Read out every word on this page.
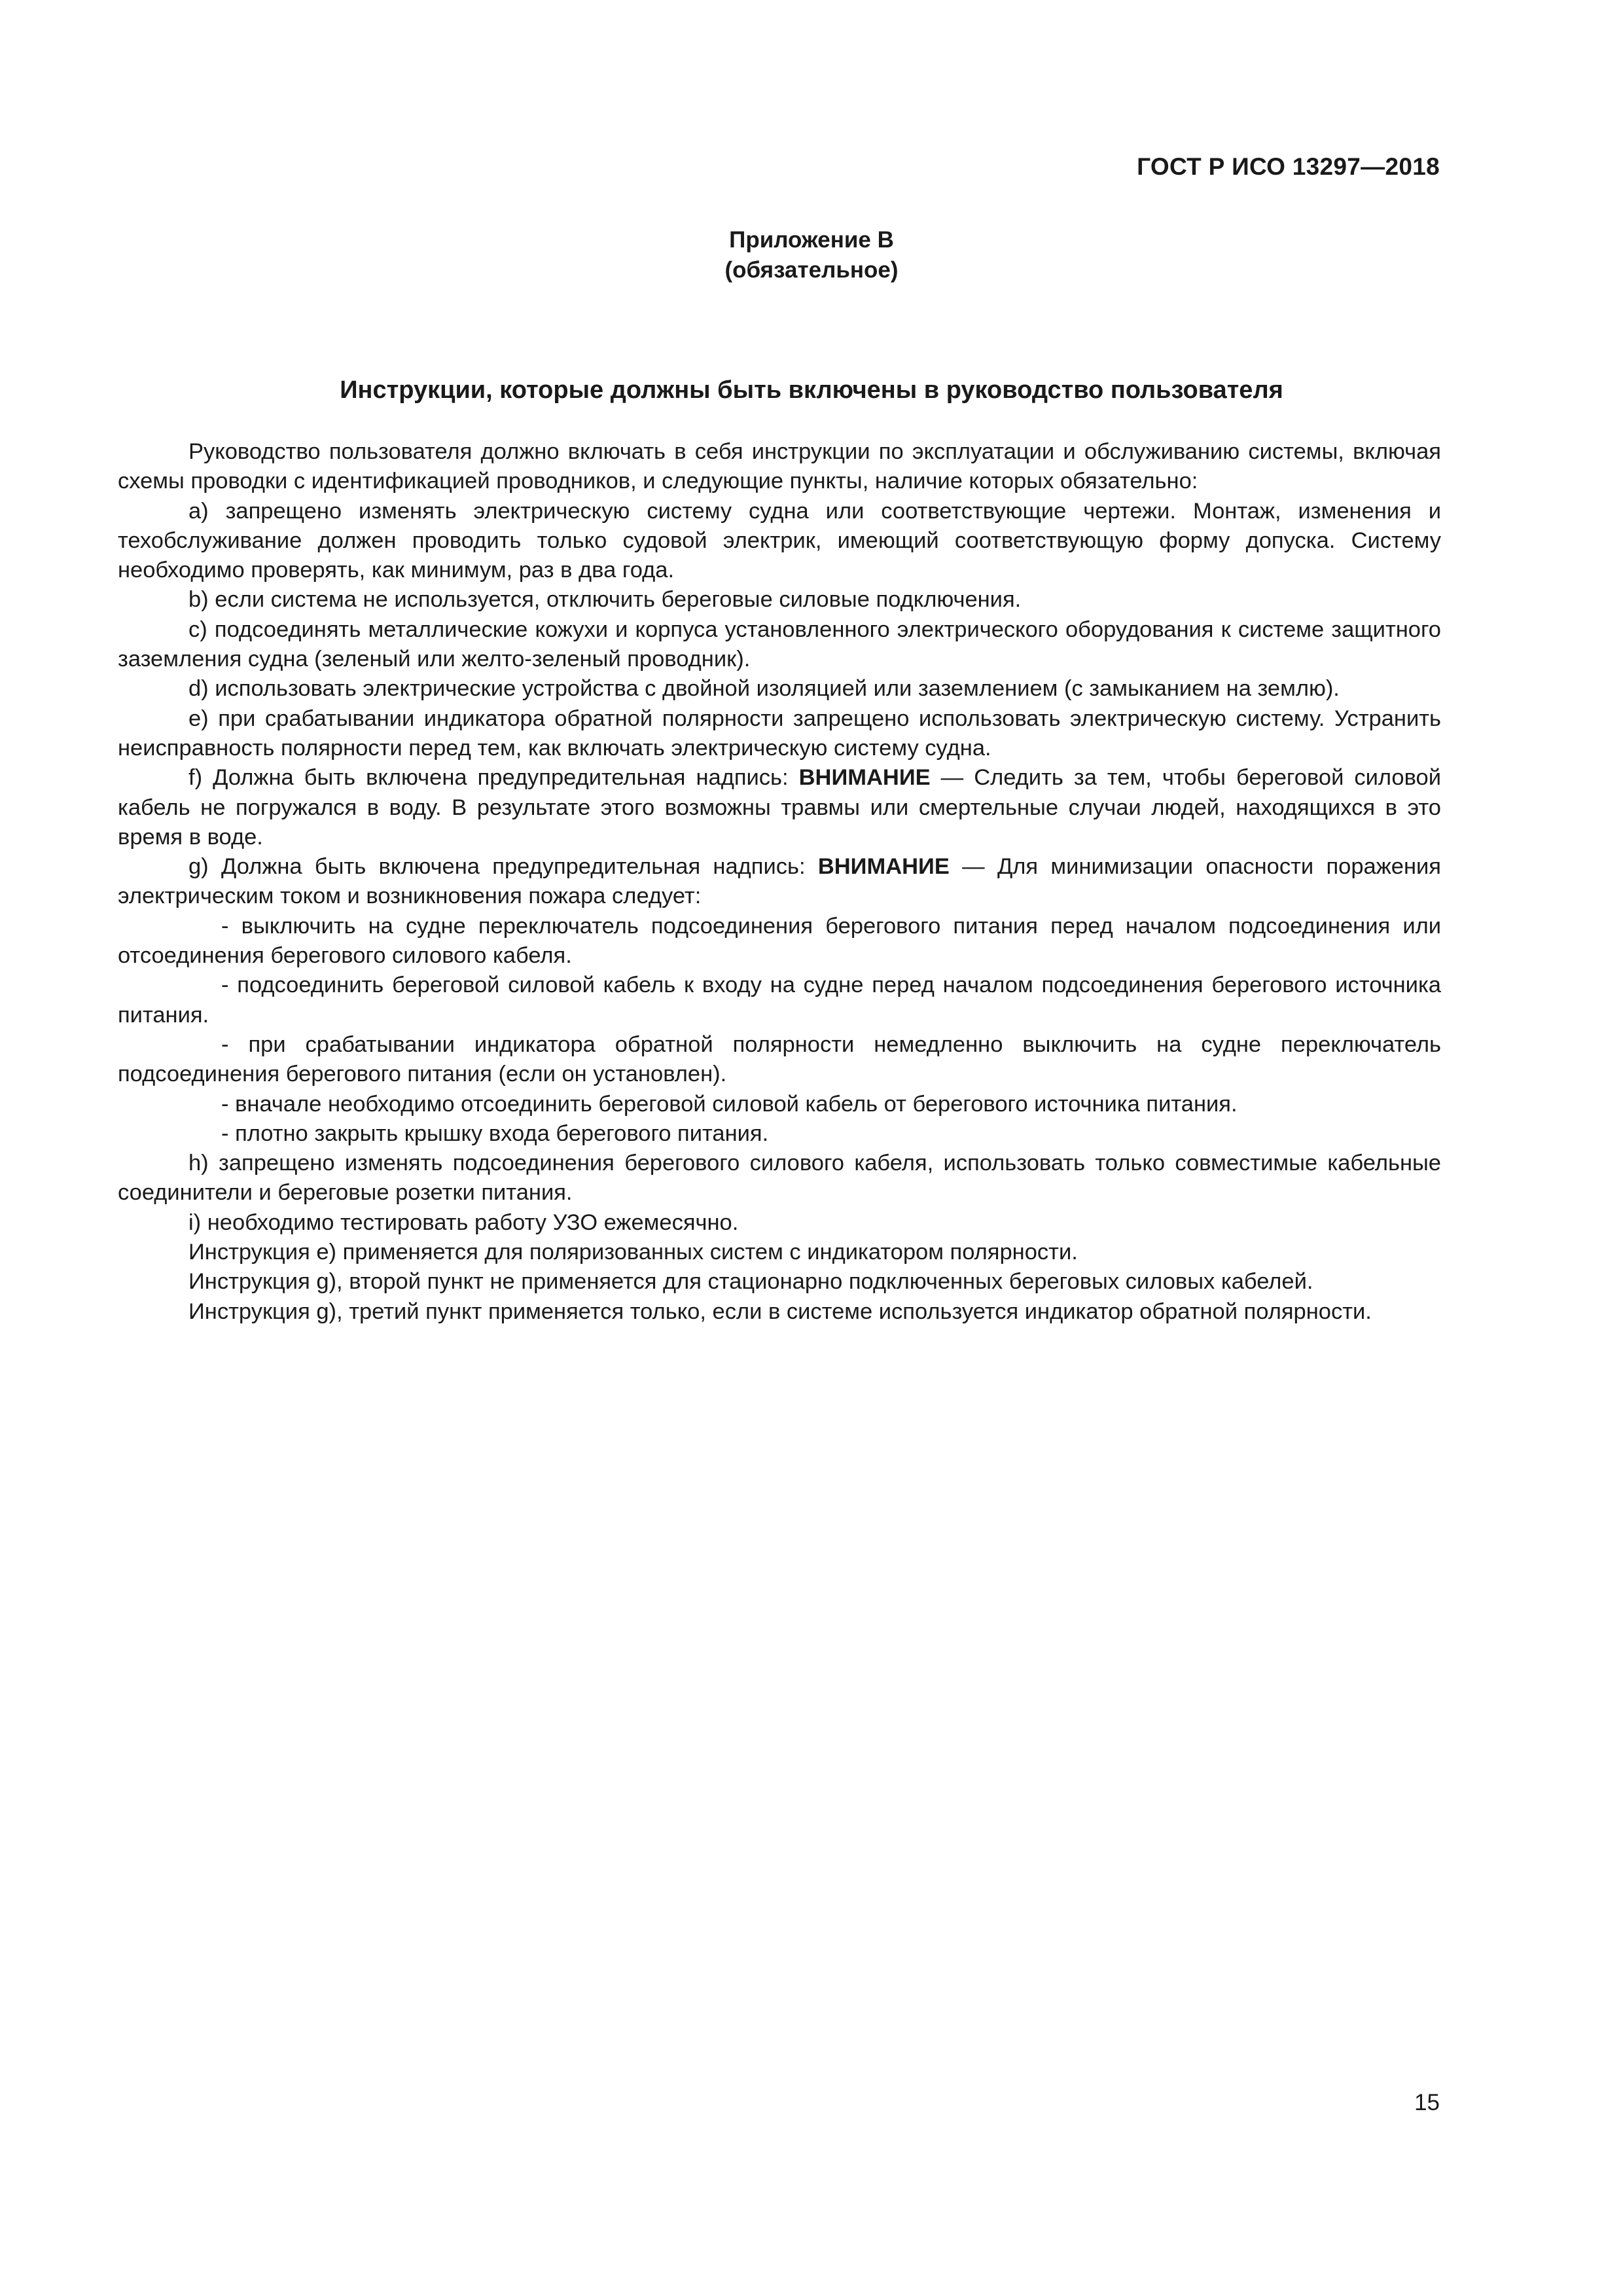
ГОСТ Р ИСО 13297—2018

Приложение В
(обязательное)
Инструкции, которые должны быть включены в руководство пользователя

Руководство пользователя должно включать в себя инструкции по эксплуатации и обслуживанию системы, включая схемы проводки с идентификацией проводников, и следующие пункты, наличие которых обязательно:

a) запрещено изменять электрическую систему судна или соответствующие чертежи. Монтаж, изменения и техобслуживание должен проводить только судовой электрик, имеющий соответствующую форму допуска. Систему необходимо проверять, как минимум, раз в два года.

b) если система не используется, отключить береговые силовые подключения.

c) подсоединять металлические кожухи и корпуса установленного электрического оборудования к системе защитного заземления судна (зеленый или желто-зеленый проводник).

d) использовать электрические устройства с двойной изоляцией или заземлением (с замыканием на землю).

e) при срабатывании индикатора обратной полярности запрещено использовать электрическую систему. Устранить неисправность полярности перед тем, как включать электрическую систему судна.

f) Должна быть включена предупредительная надпись: ВНИМАНИЕ — Следить за тем, чтобы береговой силовой кабель не погружался в воду. В результате этого возможны травмы или смертельные случаи людей, находящихся в это время в воде.

g) Должна быть включена предупредительная надпись: ВНИМАНИЕ — Для минимизации опасности поражения электрическим током и возникновения пожара следует:

- выключить на судне переключатель подсоединения берегового питания перед началом подсоединения или отсоединения берегового силового кабеля.

- подсоединить береговой силовой кабель к входу на судне перед началом подсоединения берегового источника питания.

- при срабатывании индикатора обратной полярности немедленно выключить на судне переключатель подсоединения берегового питания (если он установлен).

- вначале необходимо отсоединить береговой силовой кабель от берегового источника питания.

- плотно закрыть крышку входа берегового питания.

h) запрещено изменять подсоединения берегового силового кабеля, использовать только совместимые кабельные соединители и береговые розетки питания.

i) необходимо тестировать работу УЗО ежемесячно.

Инструкция е) применяется для поляризованных систем с индикатором полярности.

Инструкция g), второй пункт не применяется для стационарно подключенных береговых силовых кабелей.

Инструкция g), третий пункт применяется только, если в системе используется индикатор обратной полярности.

15
